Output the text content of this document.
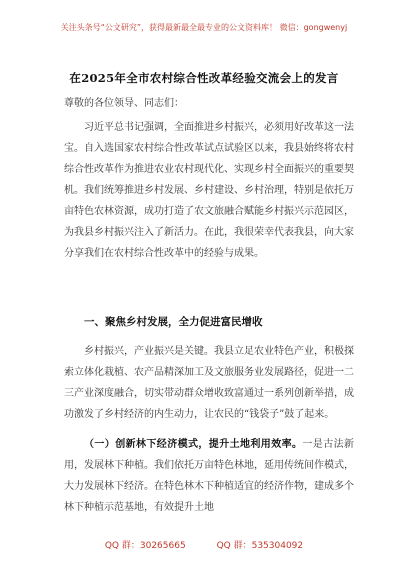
关注头条号“公文研究”，获得最新最全最专业的公文资料库！ 微信：gongwenyj
在2025年全市农村综合性改革经验交流会上的发言

尊敬的各位领导、同志们：

习近平总书记强调，全面推进乡村振兴，必须用好改革这一法宝。自入选国家农村综合性改革试点试验区以来，我县始终将农村综合性改革作为推进农业农村现代化、实现乡村全面振兴的重要契机。我们统筹推进乡村发展、乡村建设、乡村治理，特别是依托万亩特色农林资源，成功打造了农文旅融合赋能乡村振兴示范园区，为我县乡村振兴注入了新活力。在此，我很荣幸代表我县，向大家分享我们在农村综合性改革中的经验与成果。

一、聚焦乡村发展，全力促进富民增收

乡村振兴，产业振兴是关键。我县立足农业特色产业，积极探索立体化栽植、农产品精深加工及文旅服务业发展路径，促进一二三产业深度融合，切实带动群众增收致富通过一系列创新举措，成功激发了乡村经济的内生动力，让农民的“钱袋子”鼓了起来。

（一）创新林下经济模式，提升土地利用效率。一是古法新用，发展林下种植。我们依托万亩特色林地，延用传统间作模式，大力发展林下经济。在特色林木下种植适宜的经济作物，建成多个林下种植示范基地，有效提升土地

QQ 群：30265665	QQ 群：535304092
